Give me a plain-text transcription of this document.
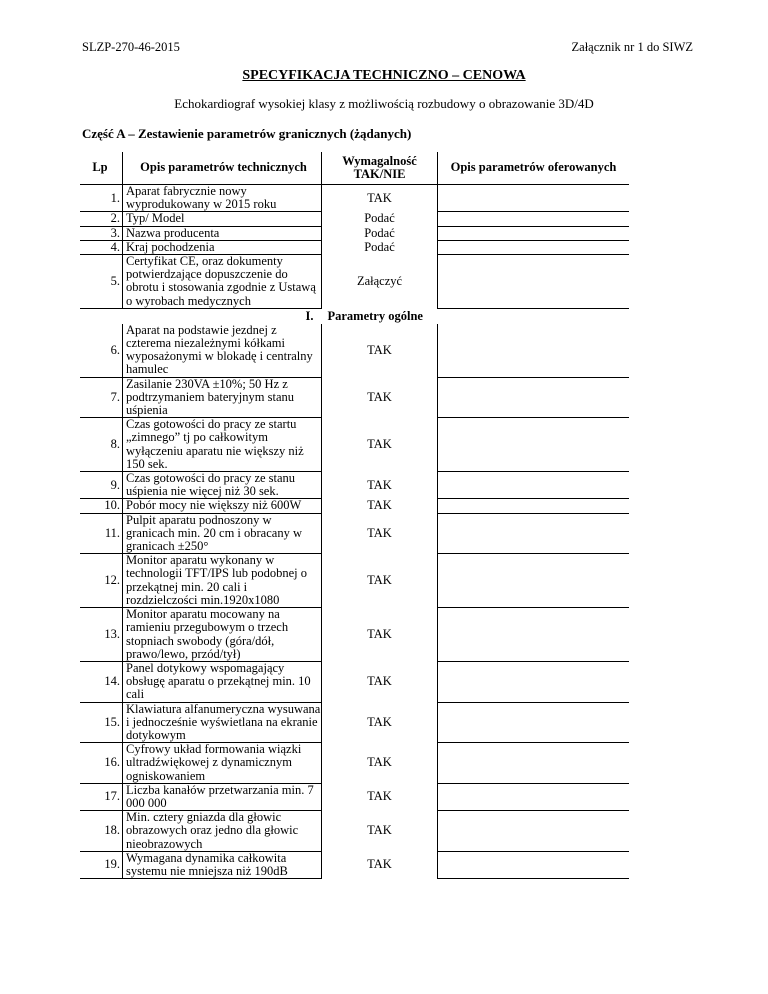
SLZP-270-46-2015	Załącznik nr 1 do SIWZ
SPECYFIKACJA TECHNICZNO – CENOWA
Echokardiograf wysokiej klasy z możliwością rozbudowy o obrazowanie 3D/4D
Część A – Zestawienie parametrów granicznych (żądanych)
Lp	Opis parametrów technicznych	Wymagalność TAK/NIE	Opis parametrów oferowanych
1.	Aparat fabrycznie nowy wyprodukowany w 2015 roku	TAK	
2.	Typ/ Model	Podać	
3.	Nazwa producenta	Podać	
4.	Kraj pochodzenia	Podać	
5.	Certyfikat CE, oraz dokumenty potwierdzające dopuszczenie do obrotu i stosowania zgodnie z Ustawą o wyrobach medycznych	Załączyć	
I.		Parametry ogólne	
6.	Aparat na podstawie jezdnej z czterema niezależnymi kółkami wyposażonymi w blokadę i centralny hamulec	TAK	
7.	Zasilanie 230VA ±10%; 50 Hz z podtrzymaniem bateryjnym stanu uśpienia	TAK	
8.	Czas gotowości do pracy ze startu „zimnego” tj po całkowitym wyłączeniu aparatu nie większy niż 150 sek.	TAK	
9.	Czas gotowości do pracy ze stanu uśpienia nie więcej niż 30 sek.	TAK	
10.	Pobór mocy nie większy niż 600W	TAK	
11.	Pulpit aparatu podnoszony w granicach min. 20 cm i obracany w granicach ±250°	TAK	
12.	Monitor aparatu wykonany w technologii TFT/IPS lub podobnej o przekątnej min. 20 cali i rozdzielczości min.1920x1080	TAK	
13.	Monitor aparatu mocowany na ramieniu przegubowym o trzech stopniach swobody (góra/dół, prawo/lewo, przód/tył)	TAK	
14.	Panel dotykowy wspomagający obsługę aparatu o przekątnej min. 10 cali	TAK	
15.	Klawiatura alfanumeryczna wysuwana i jednocześnie wyświetlana na ekranie dotykowym	TAK	
16.	Cyfrowy układ formowania wiązki ultradźwiękowej z dynamicznym ogniskowaniem	TAK	
17.	Liczba kanałów przetwarzania min. 7 000 000	TAK	
18.	Min. cztery gniazda dla głowic obrazowych oraz jedno dla głowic nieobrazowych	TAK	
19.	Wymagana dynamika całkowita systemu nie mniejsza niż 190dB	TAK	
